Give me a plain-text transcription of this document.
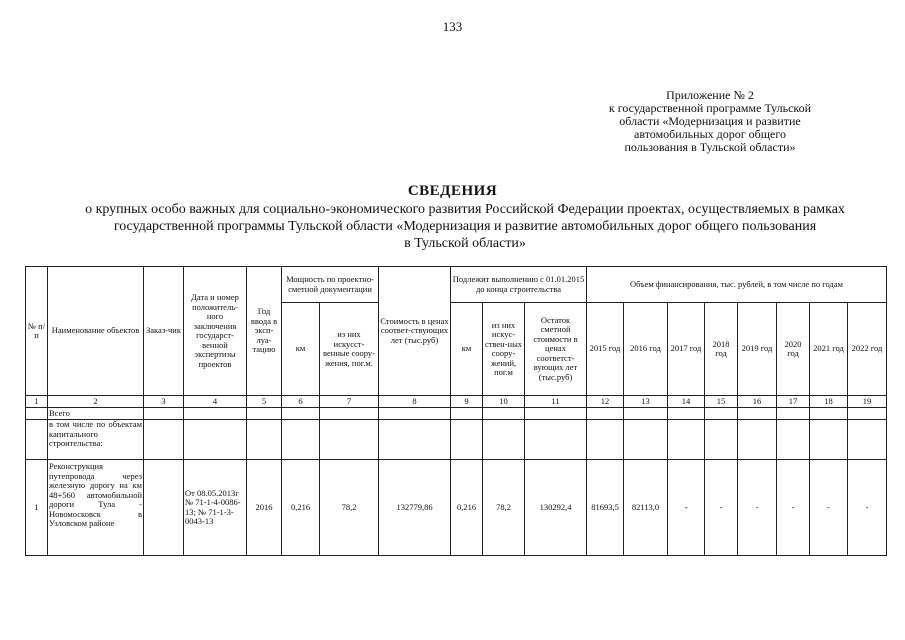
133
Приложение № 2
к государственной программе Тульской
области «Модернизация и развитие
автомобильных дорог общего
пользования в Тульской области»
СВЕДЕНИЯ
о крупных особо важных для социально-экономического развития Российской Федерации проектах, осуществляемых в рамках
государственной программы Тульской области «Модернизация и развитие автомобильных дорог общего пользования
в Тульской области»
№ п/п	Наименование объектов	Заказ-чик	Дата и номер положитель-ного заключения государст-венной экспертизы проектов	Год ввода в эксп-луа-тацию	Мощность по проектно-сметной документации		Стоимость в ценах соответ-ствующих лет (тыс.руб)	Подлежит выполнению с 01.01.2015 до конца строительства			Объем финансирования, тыс. рублей, в том числе по годам							
					км	из них искусст-венные соору-жения, пог.м.		км	из них искус-ствен-ных соору-жений, пог.м	Остаток сметной стоимости в ценах соответст-вующих лет (тыс.руб)	2015 год	2016 год	2017 год	2018 год	2019 год	2020 год	2021 год	2022 год
1	2	3	4	5	6	7	8	9	10	11	12	13	14	15	16	17	18	19
	Всего																	
	в том числе по объектам капитального строительства:																	
1	Реконструкция путепровода через железную дорогу на км 48+560 автомобильной дороги Тула - Новомосковск в Узловском районе		От 08.05.2013г № 71-1-4-0086-13; № 71-1-3-0043-13	2016	0,216	78,2	132779,86	0,216	78,2	130292,4	81693,5	82113,0	-	-	-	-	-	-
